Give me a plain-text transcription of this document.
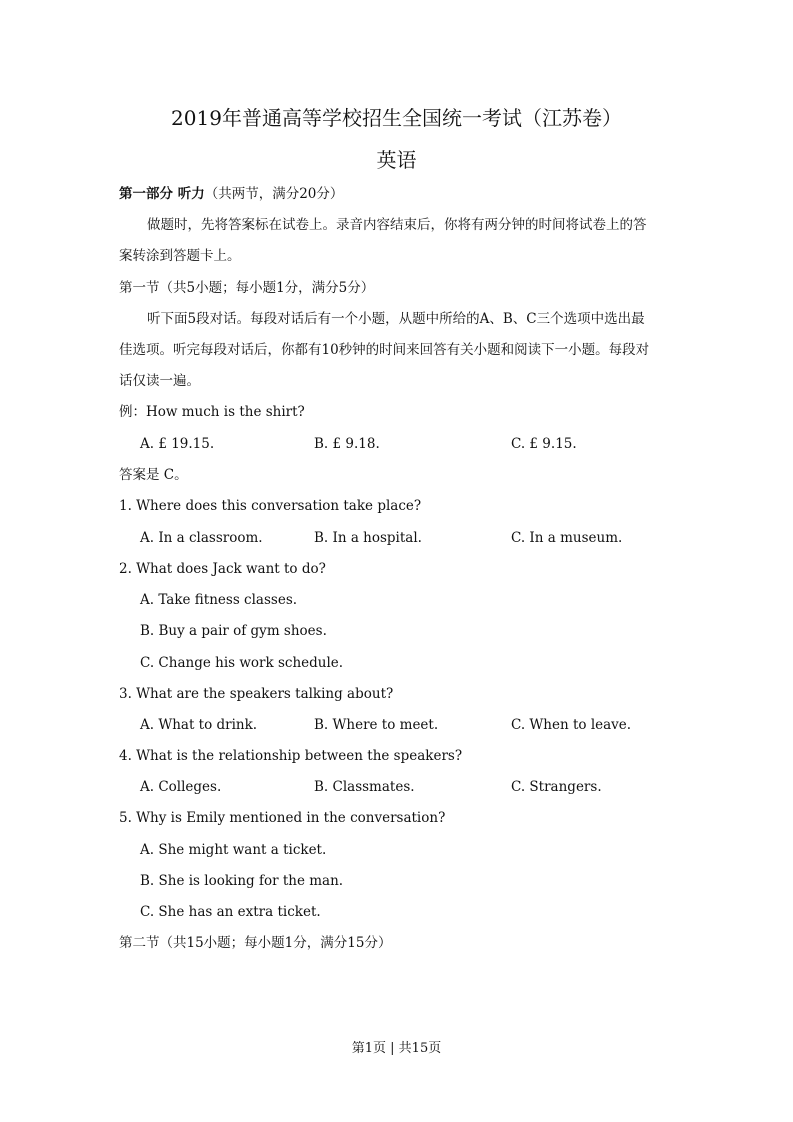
2019年普通高等学校招生全国统一考试（江苏卷）
英语
第一部分 听力（共两节，满分20分）
做题时，先将答案标在试卷上。录音内容结束后，你将有两分钟的时间将试卷上的答
案转涂到答题卡上。
第一节（共5小题；每小题1分，满分5分）
听下面5段对话。每段对话后有一个小题，从题中所给的A、B、C三个选项中选出最
佳选项。听完每段对话后，你都有10秒钟的时间来回答有关小题和阅读下一小题。每段对
话仅读一遍。
例：How much is the shirt?
A. £ 19.15.	B. £ 9.18.	C. £ 9.15.
答案是 C。
1. Where does this conversation take place?
A. In a classroom.	B. In a hospital.	C. In a museum.
2. What does Jack want to do?
A. Take fitness classes.
B. Buy a pair of gym shoes.
C. Change his work schedule.
3. What are the speakers talking about?
A. What to drink.	B. Where to meet.	C. When to leave.
4. What is the relationship between the speakers?
A. Colleges.	B. Classmates.	C. Strangers.
5. Why is Emily mentioned in the conversation?
A. She might want a ticket.
B. She is looking for the man.
C. She has an extra ticket.
第二节（共15小题；每小题1分，满分15分）
第1页 | 共15页
